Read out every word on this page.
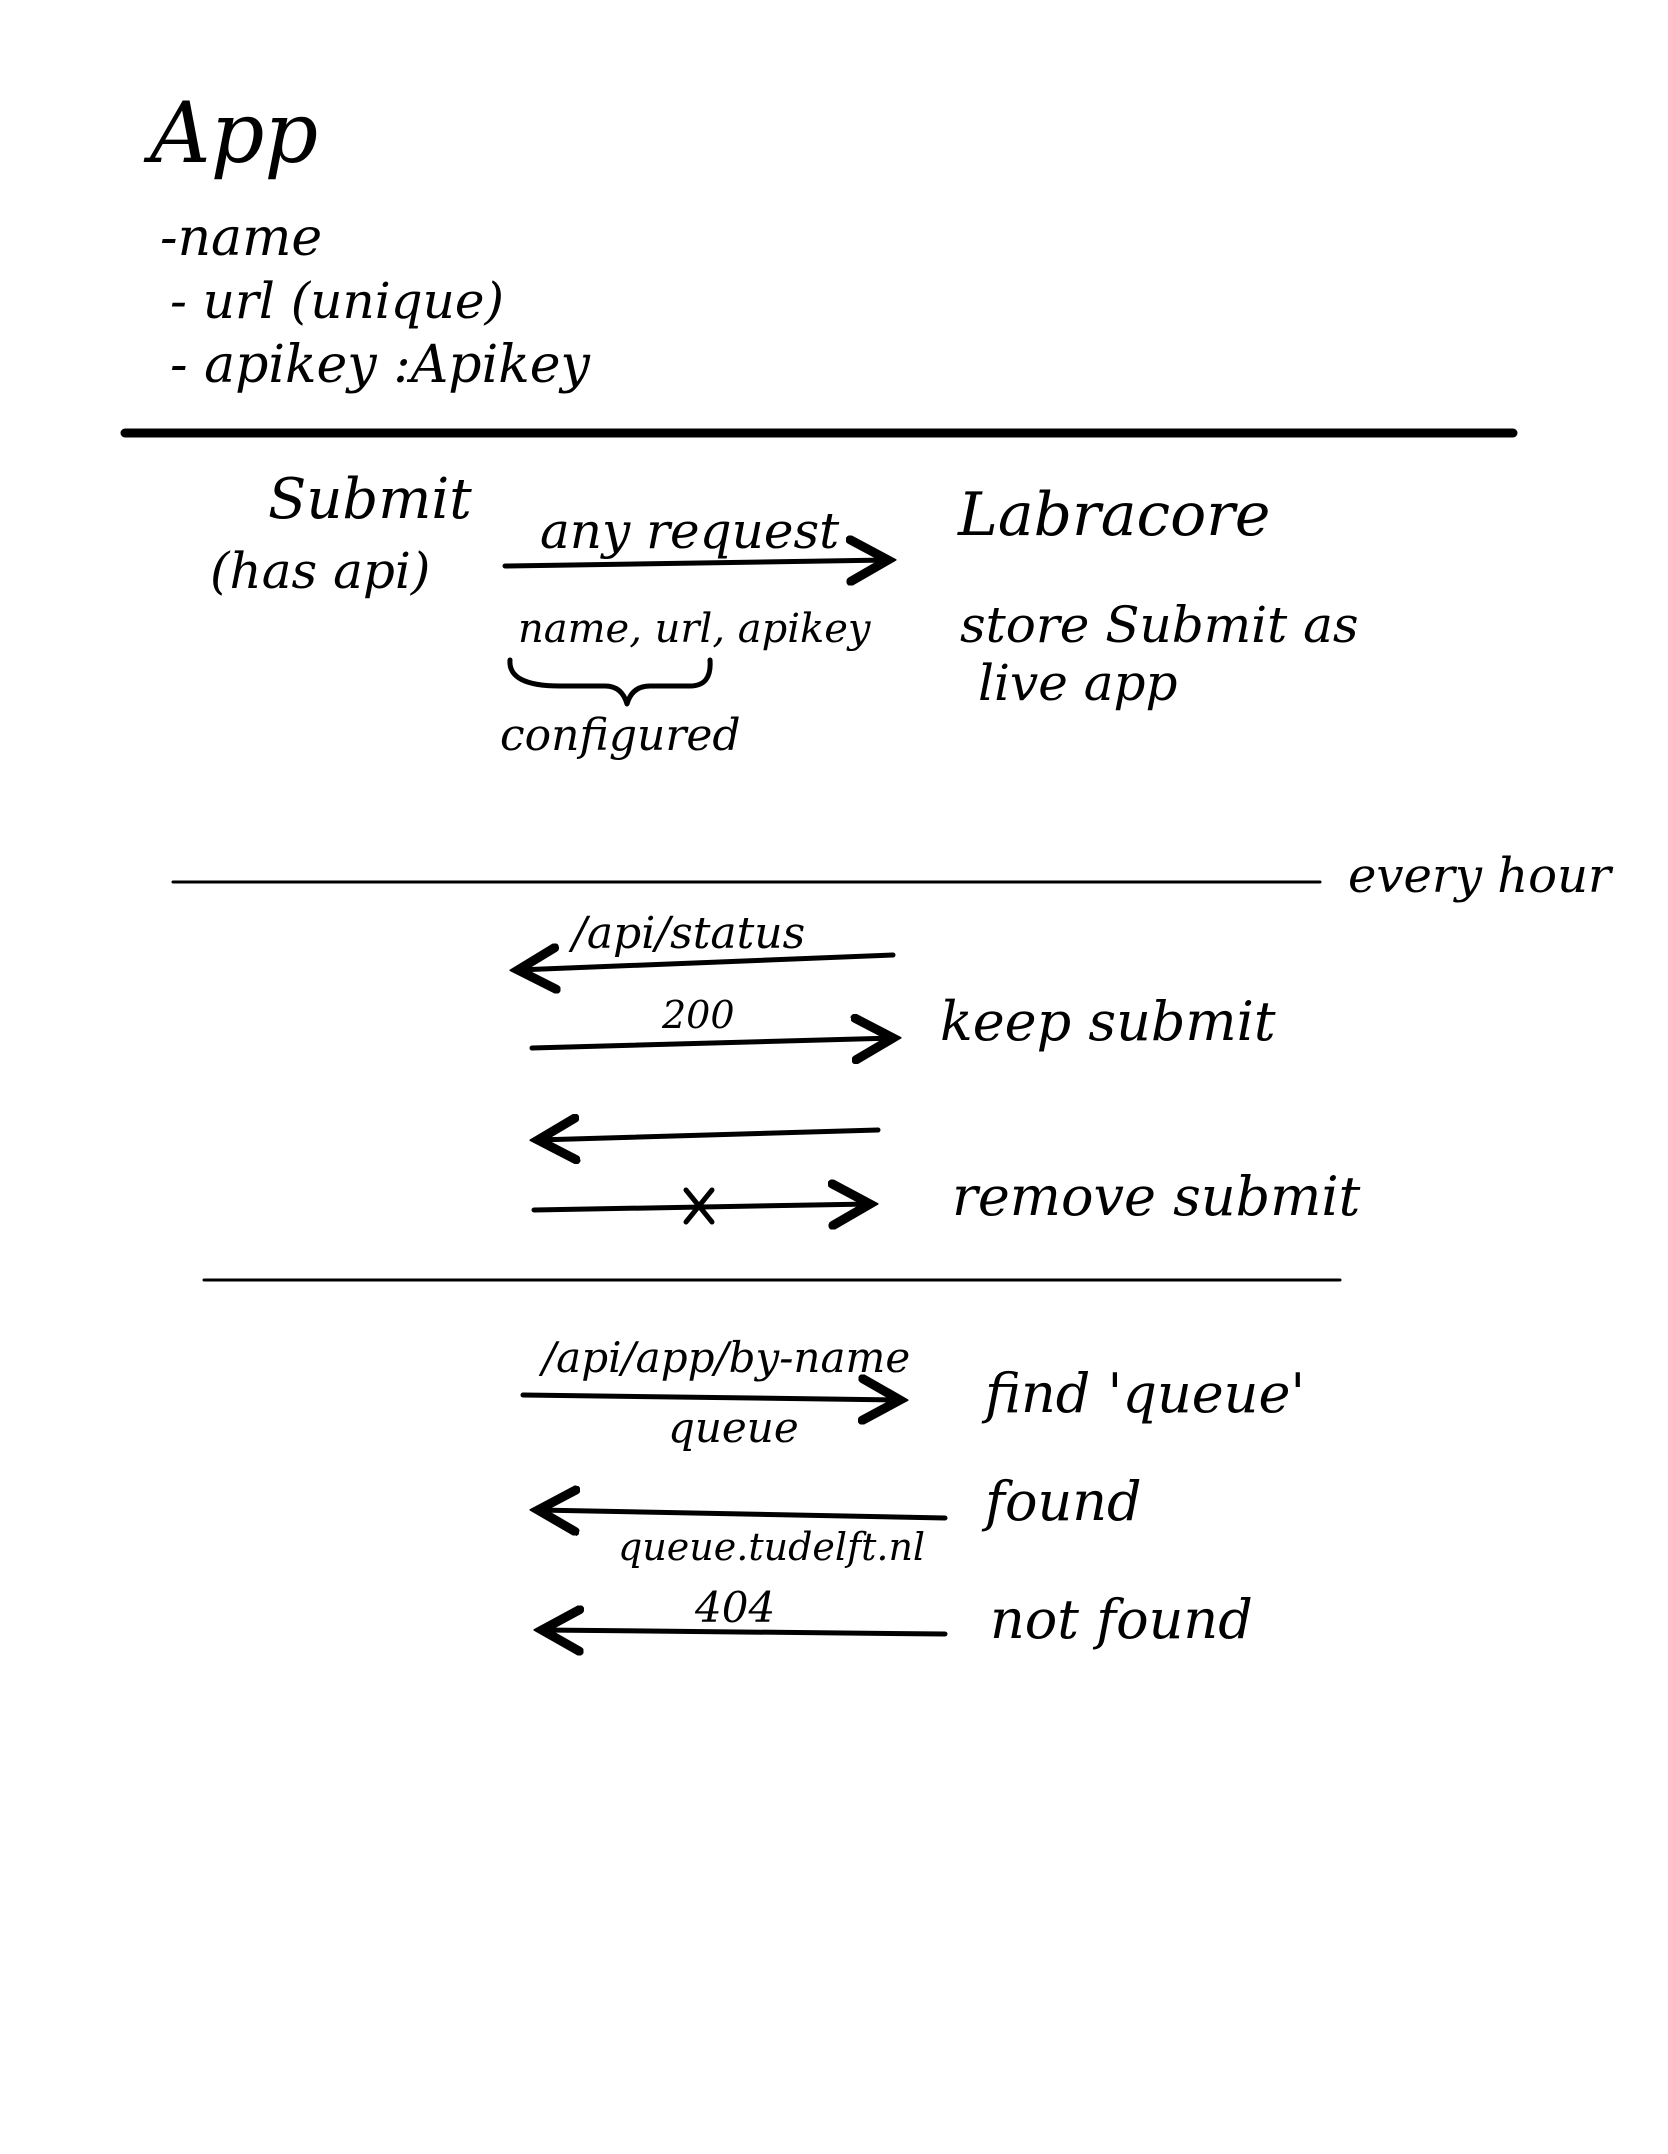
App
-name
- url (unique)
- apikey :Apikey
Submit
(has api)
any request
name, url, apikey
configured
Labracore
store Submit as
live app
every hour
/api/status
200	keep submit
remove submit
/api/app/by-name
queue
find 'queue'
queue.tudelft.nl
found
404	not found
